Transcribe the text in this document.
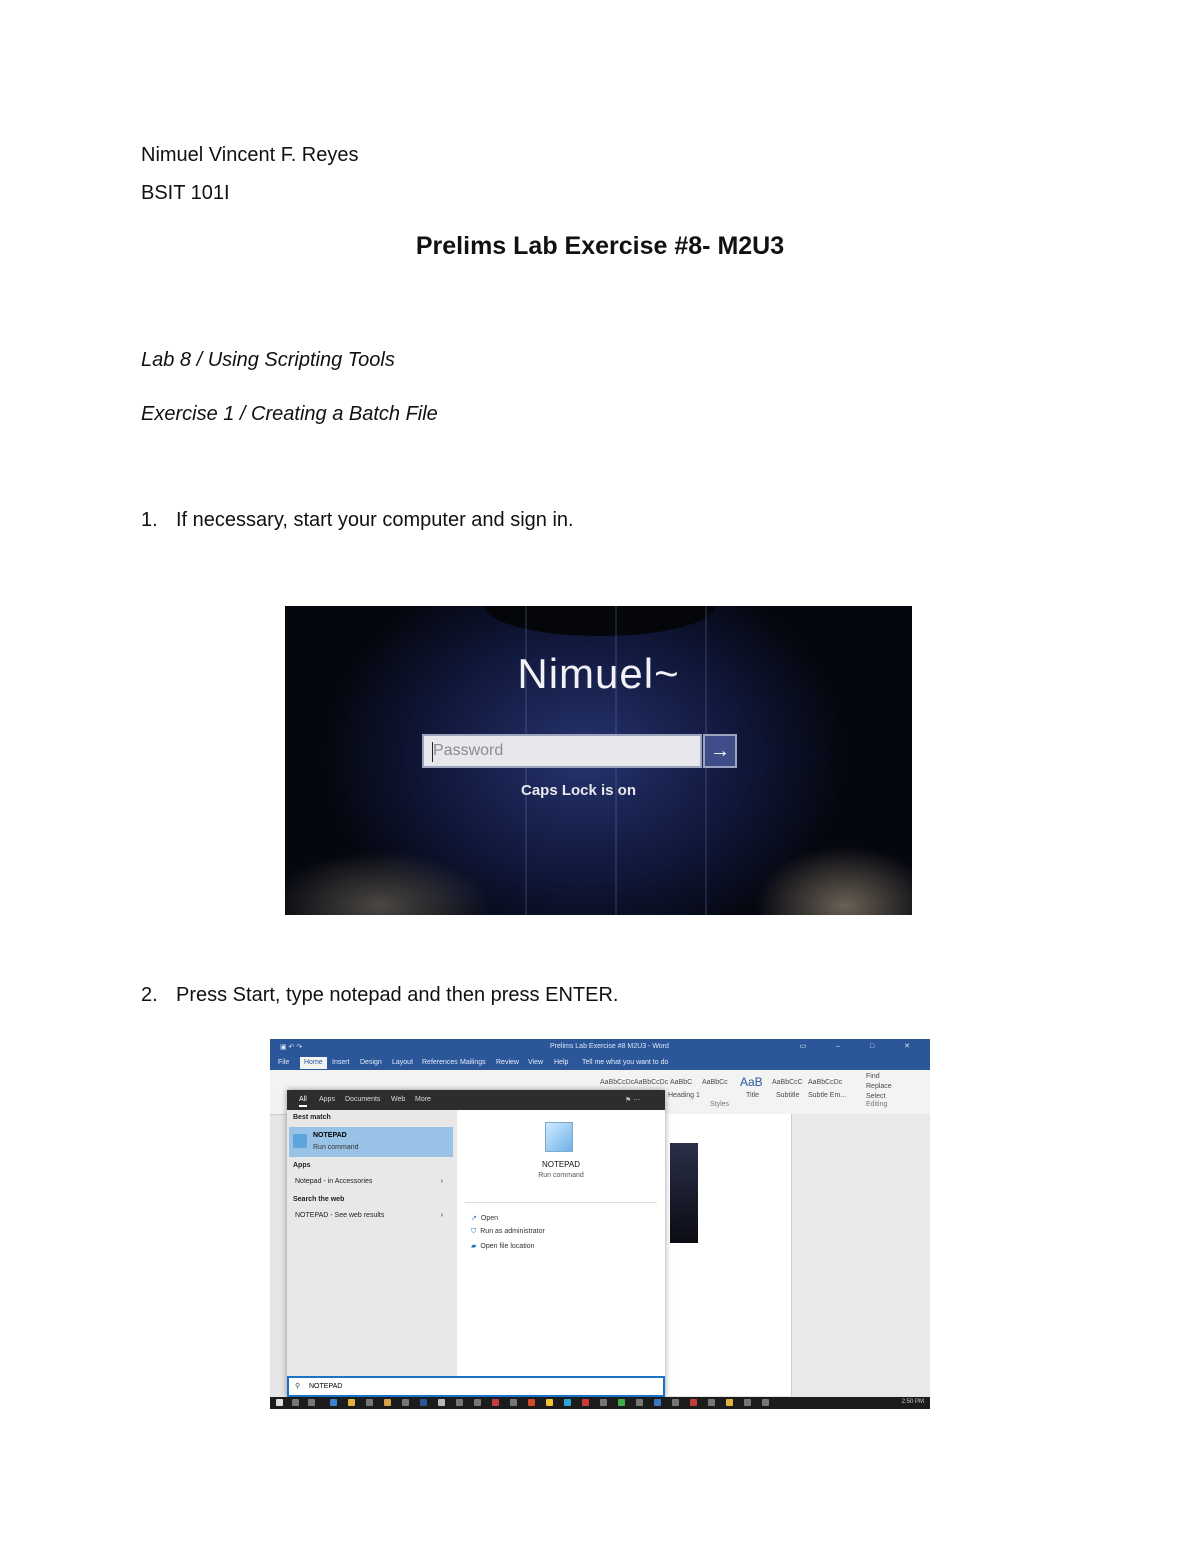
Nimuel Vincent F. Reyes
BSIT 101I
Prelims Lab Exercise #8- M2U3
Lab 8 / Using Scripting Tools
Exercise 1 / Creating a Batch File
1. If necessary, start your computer and sign in.
Nimuel~
Password	→
Caps Lock is on
2. Press Start, type notepad and then press ENTER.
▣ ↶ ↷	Prelims Lab Exercise #8 M2U3 - Word	▭ – □ ✕
File	Home	Insert Design Layout References Mailings Review View Help Tell me what you want to do
AaBbCcDc AaBbCcDc AaBbC AaBbCc AaB AaBbCcC AaBbCcDc
Heading 1	Title Subtitle Subtle Em...
Styles
Find
Replace
Select
Editing
All Apps Documents Web More	⚑ ⋯
Best match
NOTEPAD
Run command
Apps
Notepad - in Accessories	›
Search the web
NOTEPAD - See web results	›
NOTEPAD
Run command
↗ Open
⛉ Run as administrator
▰ Open file location
⚲ NOTEPAD
2:50 PM
